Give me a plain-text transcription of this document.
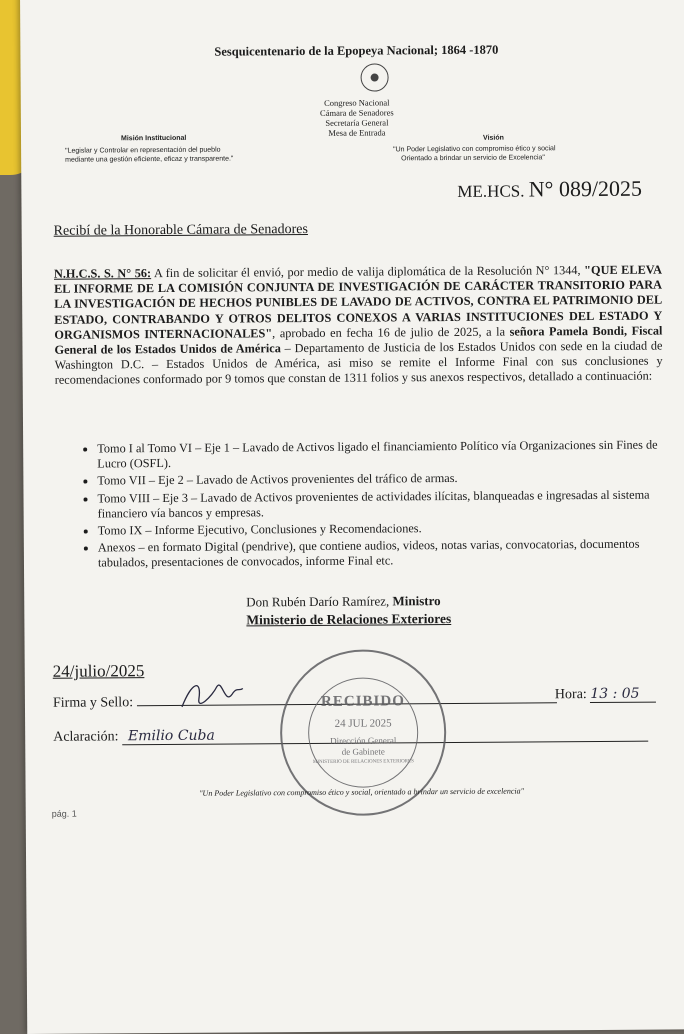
Sesquicentenario de la Epopeya Nacional; 1864 -1870
Congreso Nacional
Cámara de Senadores
Secretaría General
Mesa de Entrada
Misión Institucional
"Legislar y Controlar en representación del pueblo
mediante una gestión eficiente, eficaz y transparente."
Visión
"Un Poder Legislativo con compromiso ético y social
Orientado a brindar un servicio de Excelencia"
ME.HCS. N° 089/2025
Recibí de la Honorable Cámara de Senadores
N.H.C.S. S. N° 56: A fin de solicitar él envió, por medio de valija diplomática de la Resolución N° 1344, "QUE ELEVA EL INFORME DE LA COMISIÓN CONJUNTA DE INVESTIGACIÓN DE CARÁCTER TRANSITORIO PARA LA INVESTIGACIÓN DE HECHOS PUNIBLES DE LAVADO DE ACTIVOS, CONTRA EL PATRIMONIO DEL ESTADO, CONTRABANDO Y OTROS DELITOS CONEXOS A VARIAS INSTITUCIONES DEL ESTADO Y ORGANISMOS INTERNACIONALES", aprobado en fecha 16 de julio de 2025, a la señora Pamela Bondi, Fiscal General de los Estados Unidos de América – Departamento de Justicia de los Estados Unidos con sede en la ciudad de Washington D.C. – Estados Unidos de América, asi miso se remite el Informe Final con sus conclusiones y recomendaciones conformado por 9 tomos que constan de 1311 folios y sus anexos respectivos, detallado a continuación:
• Tomo I al Tomo VI – Eje 1 – Lavado de Activos ligado el financiamiento Político vía Organizaciones sin Fines de Lucro (OSFL).
• Tomo VII – Eje 2 – Lavado de Activos provenientes del tráfico de armas.
• Tomo VIII – Eje 3 – Lavado de Activos provenientes de actividades ilícitas, blanqueadas e ingresadas al sistema financiero vía bancos y empresas.
• Tomo IX – Informe Ejecutivo, Conclusiones y Recomendaciones.
• Anexos – en formato Digital (pendrive), que contiene audios, videos, notas varias, convocatorias, documentos tabulados, presentaciones de convocados, informe Final etc.
Don Rubén Darío Ramírez, Ministro
Ministerio de Relaciones Exteriores
24/julio/2025
Firma y Sello:
Hora: 13 : 05
Aclaración: Emilio Cuba
RECIBIDO
24 JUL 2025
Dirección General
de Gabinete
MINISTERIO DE RELACIONES EXTERIORES
"Un Poder Legislativo con compromiso ético y social, orientado a brindar un servicio de excelencia"
pág. 1
